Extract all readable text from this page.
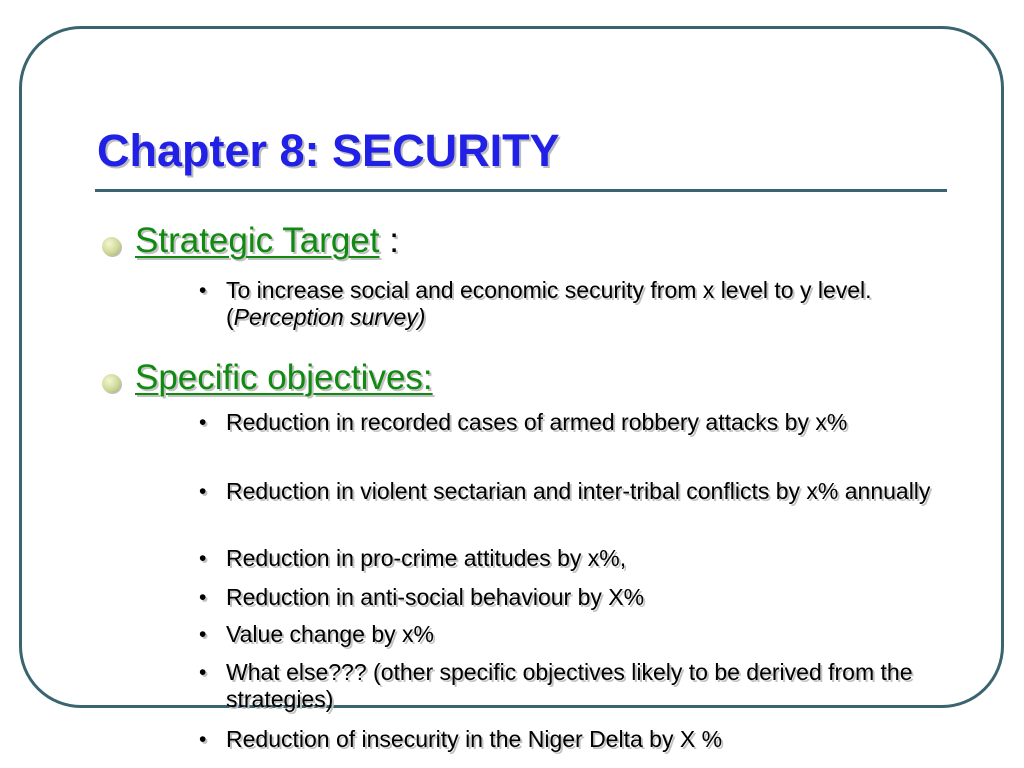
Chapter 8: SECURITY
Strategic Target :
• To increase social and economic security from x level to y level. (Perception survey)
Specific objectives:
• Reduction in recorded cases of armed robbery attacks by x%
• Reduction in violent sectarian and inter-tribal conflicts by x% annually
• Reduction in pro-crime attitudes by x%,
• Reduction in anti-social behaviour by X%
• Value change by x%
• What else??? (other specific objectives likely to be derived from the strategies)
• Reduction of insecurity in the Niger Delta by X %
